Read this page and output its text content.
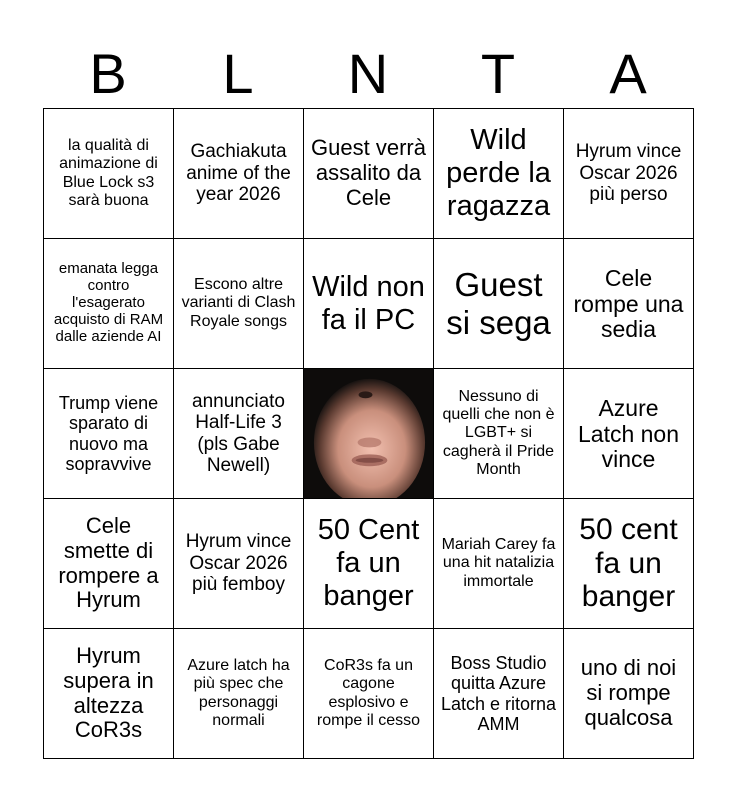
B	L	N	T	A
la qualità di animazione di Blue Lock s3 sarà buona	Gachiakuta anime of the year 2026	Guest verrà assalito da Cele	Wild perde la ragazza	Hyrum vince Oscar 2026 più perso
emanata legga contro l'esagerato acquisto di RAM dalle aziende AI	Escono altre varianti di Clash Royale songs	Wild non fa il PC	Guest si sega	Cele rompe una sedia
Trump viene sparato di nuovo ma sopravvive	annunciato Half-Life 3 (pls Gabe Newell)		Nessuno di quelli che non è LGBT+ si cagherà il Pride Month	Azure Latch non vince
Cele smette di rompere a Hyrum	Hyrum vince Oscar 2026 più femboy	50 Cent fa un banger	Mariah Carey fa una hit natalizia immortale	50 cent fa un banger
Hyrum supera in altezza CoR3s	Azure latch ha più spec che personaggi normali	CoR3s fa un cagone esplosivo e rompe il cesso	Boss Studio quitta Azure Latch e ritorna AMM	uno di noi si rompe qualcosa
